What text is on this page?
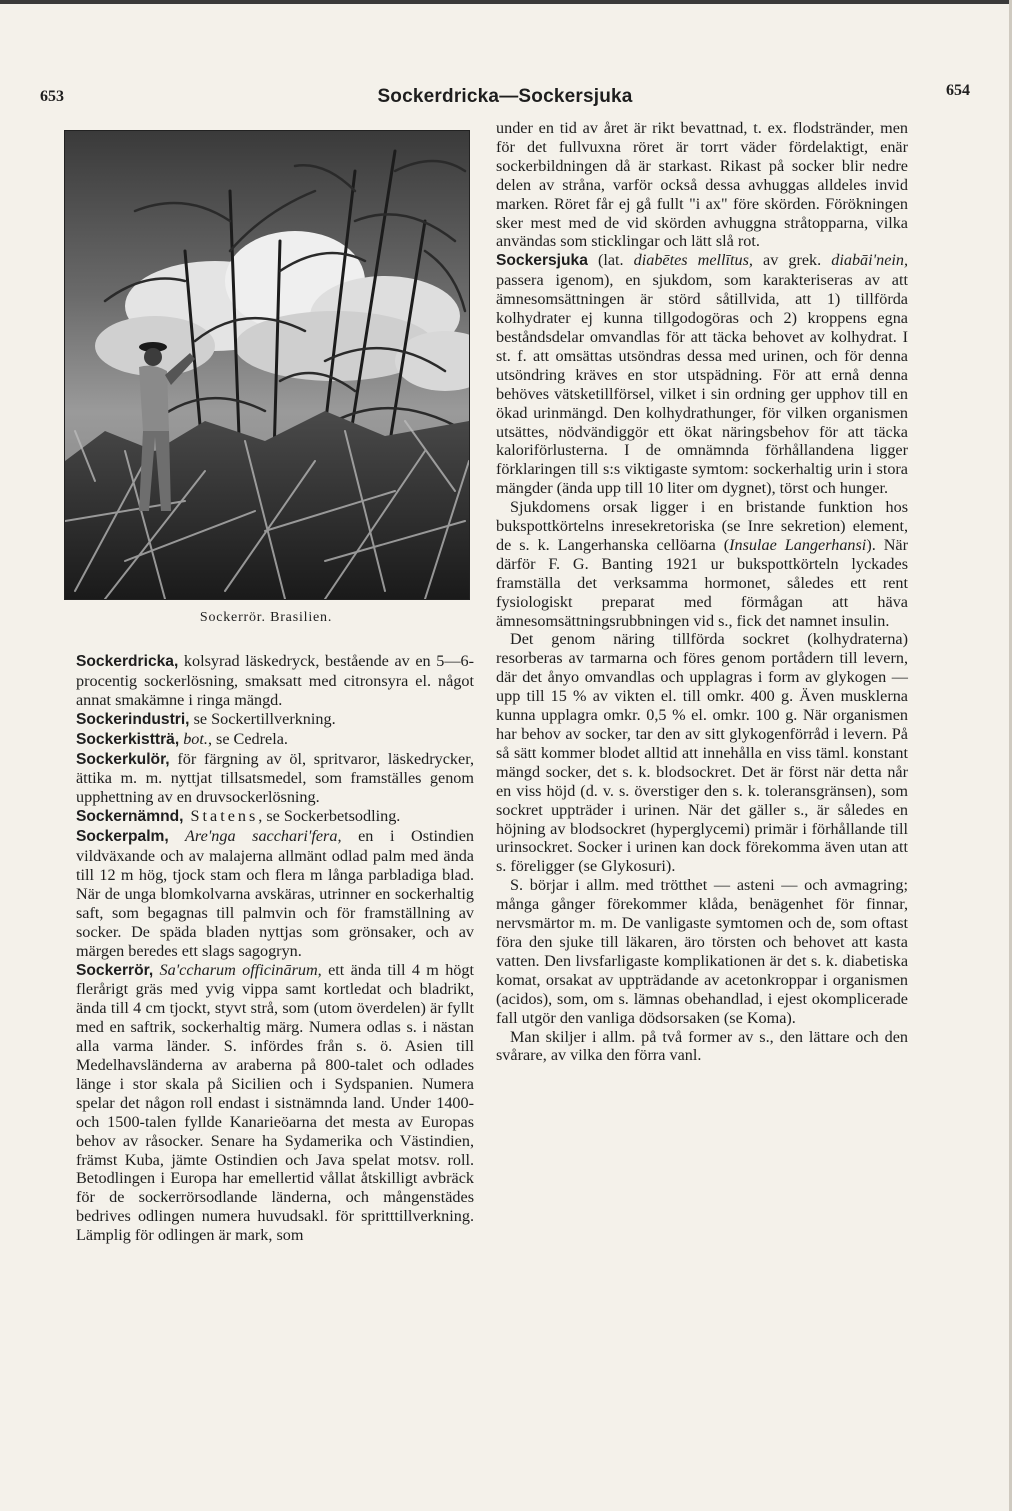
653	Sockerdricka—Sockersjuka	654
Sockerrör. Brasilien.

Sockerdricka, kolsyrad läskedryck, bestående av en 5—6-procentig sockerlösning, smaksatt med citronsyra el. något annat smakämne i ringa mängd.

Sockerindustri, se Sockertillverkning.

Sockerkistträ, bot., se Cedrela.

Sockerkulör, för färgning av öl, spritvaror, läskedrycker, ättika m. m. nyttjat tillsatsmedel, som framställes genom upphettning av en druvsockerlösning.

Sockernämnd, Statens, se Sockerbetsodling.

Sockerpalm, Are'nga sacchari'fera, en i Ostindien vildväxande och av malajerna allmänt odlad palm med ända till 12 m hög, tjock stam och flera m långa parbladiga blad. När de unga blomkolvarna avskäras, utrinner en sockerhaltig saft, som begagnas till palmvin och för framställning av socker. De späda bladen nyttjas som grönsaker, och av märgen beredes ett slags sagogryn.

Sockerrör, Sa'ccharum officinārum, ett ända till 4 m högt flerårigt gräs med yvig vippa samt kortledat och bladrikt, ända till 4 cm tjockt, styvt strå, som (utom överdelen) är fyllt med en saftrik, sockerhaltig märg. Numera odlas s. i nästan alla varma länder. S. infördes från s. ö. Asien till Medelhavsländerna av araberna på 800-talet och odlades länge i stor skala på Sicilien och i Sydspanien. Numera spelar det någon roll endast i sistnämnda land. Under 1400- och 1500-talen fyllde Kanarieöarna det mesta av Europas behov av råsocker. Senare ha Sydamerika och Västindien, främst Kuba, jämte Ostindien och Java spelat motsv. roll. Betodlingen i Europa har emellertid vållat åtskilligt avbräck för de sockerrörsodlande länderna, och mångenstädes bedrives odlingen numera huvudsakl. för spritttillverkning. Lämplig för odlingen är mark, som

under en tid av året är rikt bevattnad, t. ex. flodstränder, men för det fullvuxna röret är torrt väder fördelaktigt, enär sockerbildningen då är starkast. Rikast på socker blir nedre delen av stråna, varför också dessa avhuggas alldeles invid marken. Röret får ej gå fullt "i ax" före skörden. Förökningen sker mest med de vid skörden avhuggna stråtopparna, vilka användas som sticklingar och lätt slå rot.

Sockersjuka (lat. diabētes mellītus, av grek. diabāi'nein, passera igenom), en sjukdom, som karakteriseras av att ämnesomsättningen är störd såtillvida, att 1) tillförda kolhydrater ej kunna tillgodogöras och 2) kroppens egna beståndsdelar omvandlas för att täcka behovet av kolhydrat. I st. f. att omsättas utsöndras dessa med urinen, och för denna utsöndring kräves en stor utspädning. För att ernå denna behöves vätsketillförsel, vilket i sin ordning ger upphov till en ökad urinmängd. Den kolhydrathunger, för vilken organismen utsättes, nödvändiggör ett ökat näringsbehov för att täcka kaloriförlusterna. I de omnämnda förhållandena ligger förklaringen till s:s viktigaste symtom: sockerhaltig urin i stora mängder (ända upp till 10 liter om dygnet), törst och hunger.

Sjukdomens orsak ligger i en bristande funktion hos bukspottkörtelns inresekretoriska (se Inre sekretion) element, de s. k. Langerhanska cellöarna (Insulae Langerhansi). När därför F. G. Banting 1921 ur bukspottkörteln lyckades framställa det verksamma hormonet, således ett rent fysiologiskt preparat med förmågan att häva ämnesomsättningsrubbningen vid s., fick det namnet insulin.

Det genom näring tillförda sockret (kolhydraterna) resorberas av tarmarna och föres genom portådern till levern, där det ånyo omvandlas och upplagras i form av glykogen — upp till 15 % av vikten el. till omkr. 400 g. Även musklerna kunna upplagra omkr. 0,5 % el. omkr. 100 g. När organismen har behov av socker, tar den av sitt glykogenförråd i levern. På så sätt kommer blodet alltid att innehålla en viss täml. konstant mängd socker, det s. k. blodsockret. Det är först när detta når en viss höjd (d. v. s. överstiger den s. k. toleransgränsen), som sockret uppträder i urinen. När det gäller s., är således en höjning av blodsockret (hyperglycemi) primär i förhållande till urinsockret. Socker i urinen kan dock förekomma även utan att s. föreligger (se Glykosuri).

S. börjar i allm. med trötthet — asteni — och avmagring; många gånger förekommer klåda, benägenhet för finnar, nervsmärtor m. m. De vanligaste symtomen och de, som oftast föra den sjuke till läkaren, äro törsten och behovet att kasta vatten. Den livsfarligaste komplikationen är det s. k. diabetiska komat, orsakat av uppträdande av acetonkroppar i organismen (acidos), som, om s. lämnas obehandlad, i ejest okomplicerade fall utgör den vanliga dödsorsaken (se Koma).

Man skiljer i allm. på två former av s., den lättare och den svårare, av vilka den förra vanl.
